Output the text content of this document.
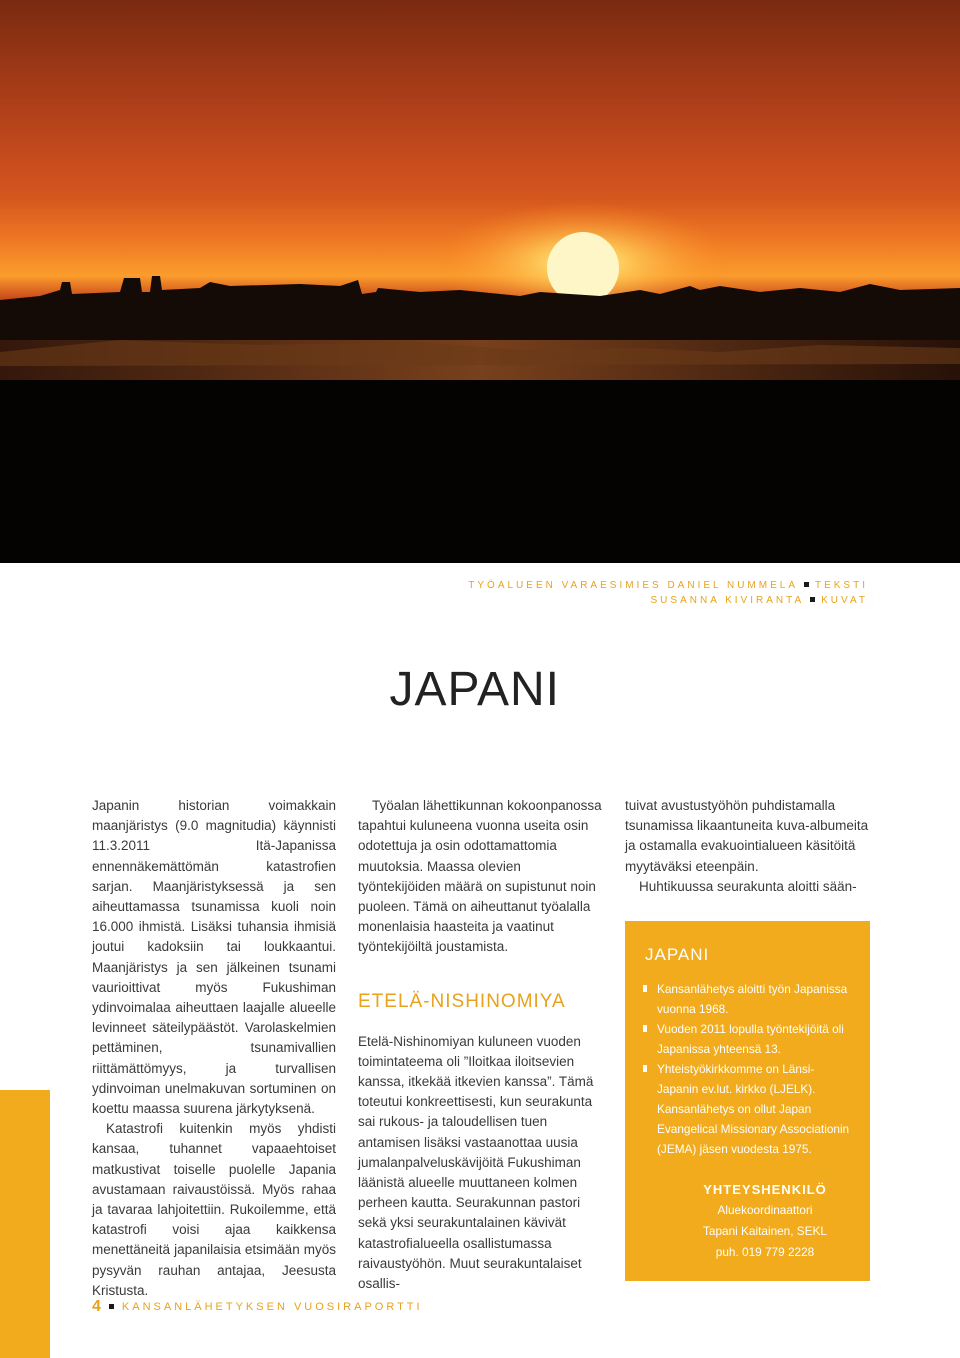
TYÖALUEEN VARAESIMIES DANIEL NUMMELA TEKSTI
SUSANNA KIVIRANTA KUVAT
JAPANI

Japanin historian voimakkain maanjäristys (9.0 magnitudia) käynnisti 11.3.2011 Itä-Japanissa ennennäkemättömän katastrofien sarjan. Maanjäristyksessä ja sen aiheuttamassa tsunamissa kuoli noin 16.000 ihmistä. Lisäksi tuhansia ihmisiä joutui kadoksiin tai loukkaantui. Maanjäristys ja sen jälkeinen tsunami vaurioittivat myös Fukushiman ydinvoimalaa aiheuttaen laajalle alueelle levinneet säteilypäästöt. Varolaskelmien pettäminen, tsunamivallien riittämättömyys, ja turvallisen ydinvoiman unelmakuvan sortuminen on koettu maassa suurena järkytyksenä.

Katastrofi kuitenkin myös yhdisti kansaa, tuhannet vapaaehtoiset matkustivat toiselle puolelle Japania avustamaan raivaustöissä. Myös rahaa ja tavaraa lahjoitettiin. Rukoilemme, että katastrofi voisi ajaa kaikkensa menettäneitä japanilaisia etsimään myös pysyvän rauhan antajaa, Jeesusta Kristusta.

Työalan lähettikunnan kokoonpanossa tapahtui kuluneena vuonna useita osin odotettuja ja osin odottamattomia muutoksia. Maassa olevien työntekijöiden määrä on supistunut noin puoleen. Tämä on aiheuttanut työalalla monenlaisia haasteita ja vaatinut työntekijöiltä joustamista.

ETELÄ-NISHINOMIYA

Etelä-Nishinomiyan kuluneen vuoden toimintateema oli ”Iloitkaa iloitsevien kanssa, itkekää itkevien kanssa”. Tämä toteutui konkreettisesti, kun seurakunta sai rukous- ja taloudellisen tuen antamisen lisäksi vastaanottaa uusia jumalanpalveluskävijöitä Fukushiman läänistä alueelle muuttaneen kolmen perheen kautta. Seurakunnan pastori sekä yksi seurakuntalainen kävivät katastrofialueella osallistumassa raivaustyöhön. Muut seurakuntalaiset osallis-

tuivat avustustyöhön puhdistamalla tsunamissa likaantuneita kuva-albumeita ja ostamalla evakuointialueen käsitöitä myytäväksi eteenpäin.

Huhtikuussa seurakunta aloitti sään-

JAPANI
Kansanlähetys aloitti työn Japanissa vuonna 1968.
Vuoden 2011 lopulla työntekijöitä oli Japanissa yhteensä 13.
Yhteistyökirkkomme on Länsi-Japanin ev.lut. kirkko (LJELK). Kansanlähetys on ollut Japan Evangelical Missionary Associationin (JEMA) jäsen vuodesta 1975.
YHTEYSHENKILÖ
Aluekoordinaattori
Tapani Kaitainen, SEKL
puh. 019 779 2228
4 KANSANLÄHETYKSEN VUOSIRAPORTTI
